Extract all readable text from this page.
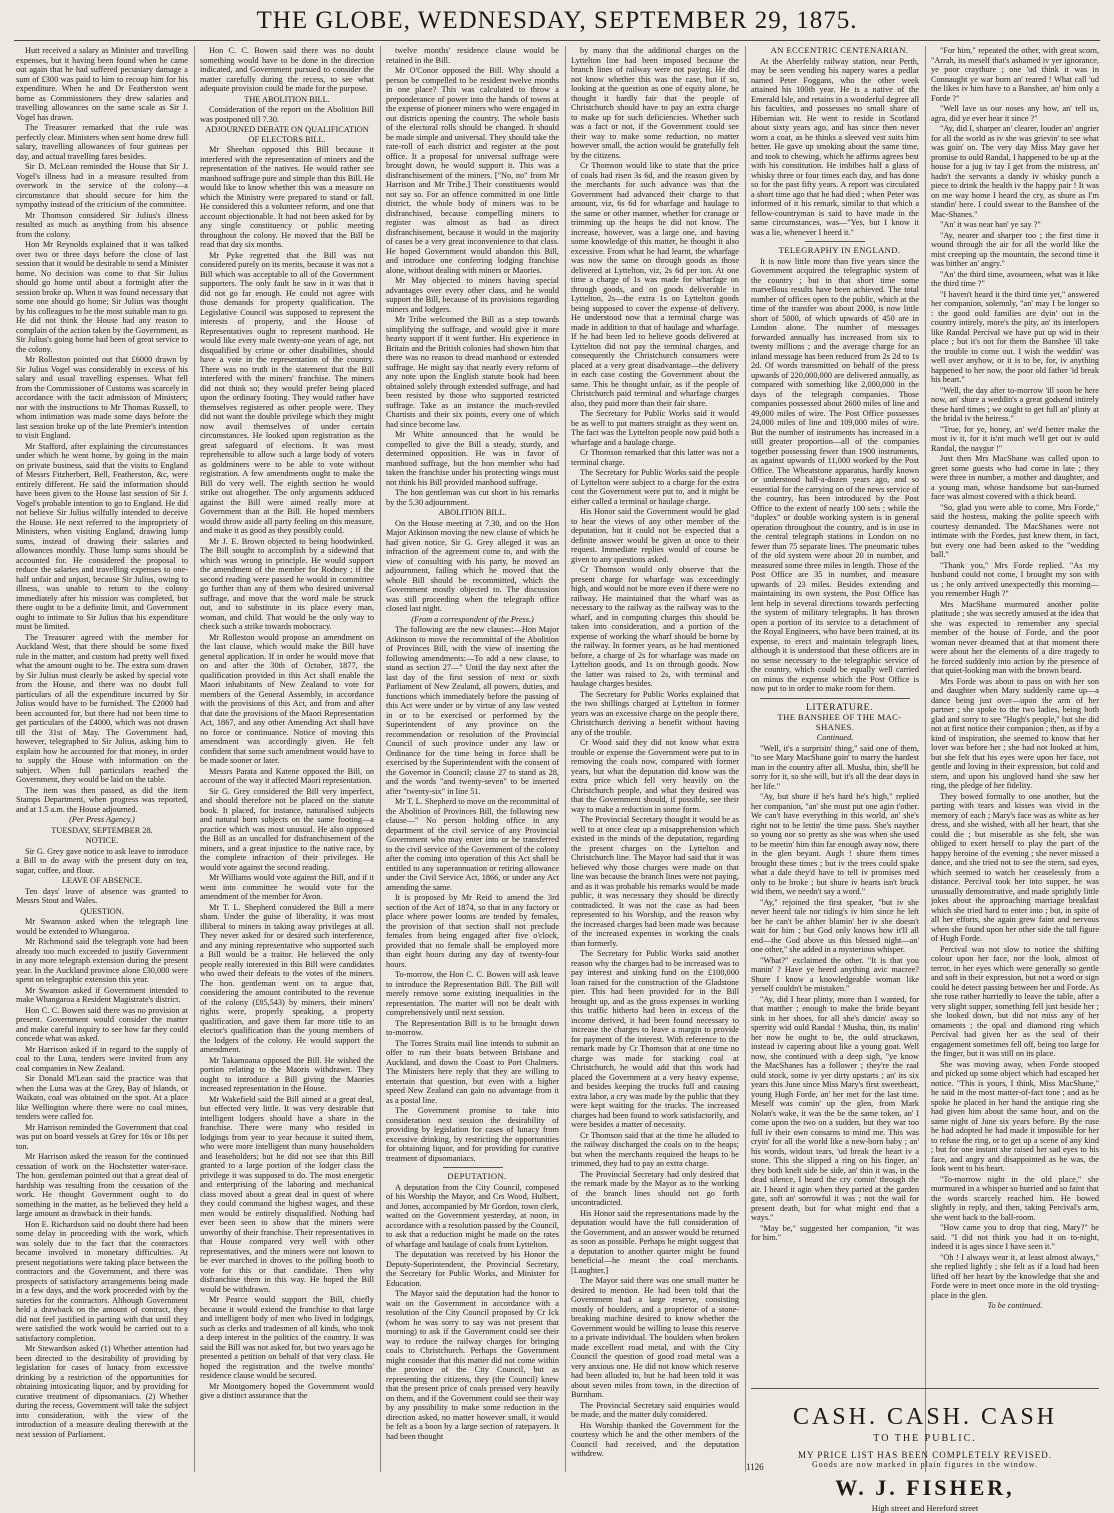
THE GLOBE, WEDNESDAY, SEPTEMBER 29, 1875.

Hutt received a salary as Minister and travelling expenses, but it having been found when he came out again that he had suffered pecuniary damage a sum of £300 was paid to him to recoup him for his expenditure. When he and Dr Featherston went home as Commissioners they drew salaries and travelling allowances on the same scale as Sir J. Vogel has drawn.

The Treasurer remarked that the rule was perfectly clear. Ministers when sent home drew full salary, travelling allowances of four guineas per day, and actual travelling fares besides.

Sir D. McLean reminded the House that Sir J. Vogel's illness had in a measure resulted from overwork in the service of the colony—a circumstance that should secure for him the sympathy instead of the criticism of the committee.

Mr Thomson considered Sir Julius's illness resulted as much as anything from his absence from the colony.

Hon Mr Reynolds explained that it was talked over two or three days before the close of last session that it would be desirable to send a Minister home. No decision was come to that Sir Julius should go home until about a fortnight after the session broke up. When it was found necessary that some one should go home; Sir Julius was thought by his colleagues to be the most suitable man to go. He did not think the House had any reason to complain of the action taken by the Government, as Sir Julius's going home had been of great service to the colony.

Mr Rolleston pointed out that £6000 drawn by Sir Julius Vogel was considerably in excess of his salary and usual travelling expenses. What fell from the Commissioner of Customs was scarcely in accordance with the tacit admission of Ministers; nor with the instructions to Mr Thomas Russell, to whom intimation was made some days before the last session broke up of the late Premier's intention to visit England.

Mr Stafford, after explaining the circumstances under which he went home, by going in the main on private business, said that the visits to England of Messrs Fitzherbert, Bell, Featherston, &c, were entirely different. He said the information should have been given to the House last session of Sir J. Vogel's probable intention to go to England. He did not believe Sir Julius wilfully intended to deceive the House. He next referred to the impropriety of Ministers, when visiting England, drawing lump sums, instead of drawing their salaries and allowances monthly. Those lump sums should be accounted for. He considered the proposal to reduce the salaries and travelling expenses to one-half unfair and unjust, because Sir Julius, owing to illness, was unable to return to the colony immediately after his mission was completed, but there ought to be a definite limit, and Government ought to intimate to Sir Julius that his expenditure must be limited.

The Treasurer agreed with the member for Auckland West, that there should be some fixed rule in the matter, and custom had pretty well fixed what the amount ought to be. The extra sum drawn by Sir Julius must clearly be asked by special vote from the House, and there was no doubt full particulars of all the expenditure incurred by Sir Julius would have to be furnished. The £2000 had been accounted for, but there had not been time to get particulars of the £4000, which was not drawn till the 31st of May. The Government had, however, telegraphed to Sir Julius, asking him to explain how he accounted for that money, in order to supply the House with information on the subject. When full particulars reached the Government, they would be laid on the table.

The item was then passed, as did the item Stamps Department, when progress was reported, and at 1.5 a.m. the House adjourned.

(Per Press Agency.)

TUESDAY, SEPTEMBER 28.

NOTICE.

Sir G. Grey gave notice to ask leave to introduce a Bill to do away with the present duty on tea, sugar, coffee, and flour.

LEAVE OF ABSENCE.

Ten days' leave of absence was granted to Messrs Stout and Wales.

QUESTION.

Mr Swanson asked when the telegraph line would be extended to Whangaroa.

Mr Richmond said the telegraph vote had been already too much exceeded to justify Government in any more telegraph extension during the present year. In the Auckland province alone £30,000 were spent on telegraphic extension this year.

Mr Swanson asked if Government intended to make Whangaroa a Resident Magistrate's district.

Hon C. C. Bowen said there was no provision at present. Government would consider the matter and make careful inquiry to see how far they could concede what was asked.

Mr Harrison asked if in regard to the supply of coal to the Luna, tenders were invited from any coal companies in New Zealand.

Sir Donald M'Lean said the practice was that when the Luna was at the Grey, Bay of Islands, or Waikato, coal was obtained on the spot. At a place like Wellington where there were no coal mines, tenders were called for.

Mr Harrison reminded the Government that coal was put on board vessels at Grey for 16s or 18s per ton.

Mr Harrison asked the reason for the continued cessation of work on the Hochstetter water-race. The hon. gentleman pointed out that a great deal of hardship was resulting from the cessation of the work. He thought Government ought to do something in the matter, as he believed they held a large amount as drawback in their hands.

Hon E. Richardson said no doubt there had been some delay in proceeding with the work, which was solely due to the fact that the contractors became involved in monetary difficulties. At present negotiations were taking place between the contractors and the Government, and there was prospects of satisfactory arrangements being made in a few days, and the work proceeded with by the sureties for the contractors. Although Government held a drawback on the amount of contract, they did not feel justified in parting with that until they were satisfied the work would be carried out to a satisfactory completion.

Mr Stewardson asked (1) Whether attention had been directed to the desirability of providing by legislation for cases of lunacy from excessive drinking by a restriction of the opportunities for obtaining intoxicating liquor, and by providing for curative treatment of dipsomaniacs. (2) Whether during the recess, Government will take the subject into consideration, with the view of the introduction of a measure dealing therewith at the next session of Parliament.

Hon C. C. Bowen said there was no doubt something would have to be done in the direction indicated, and Government pursued to consider the matter carefully during the recess, to see what adequate provision could be made for the purpose.

THE ABOLITION BILL.

Consideration of the report on the Abolition Bill was postponed till 7.30.

ADJOURNED DEBATE ON QUALIFICATION OF ELECTORS BILL.

Mr Sheehan opposed this Bill because it interfered with the representation of miners and the representation of the natives. He would rather see manhood suffrage pure and simple than this Bill. He would like to know whether this was a measure on which the Ministry were prepared to stand or fall. He considered this a volunteer reform, and one that account objectionable. It had not been asked for by any single constituency or public meeting throughout the colony. He moved that the Bill be read that day six months.

Mr Pyke regretted that the Bill was not considered purely on its merits, because it was not a Bill which was acceptable to all of the Government supporters. The only fault he saw in it was that it did not go far enough. He could not agree with those demands for property qualification. The Legislative Council was supposed to represent the interests of property, and the House of Representatives ought to represent manhood. He would like every male twenty-one years of age, not disqualified by crime or other disabilities, should have a vote in the representation of the country. There was no truth in the statement that the Bill interfered with the miners' franchise. The miners did not think so; they would prefer being placed upon the ordinary footing. They would rather have themselves registered as other people were. They did not want the double privilege which they might now avail themselves of under certain circumstances. He looked upon registration as the great safeguard of elections. It was most reprehensible to allow such a large body of voters as goldminers were to be able to vote without registration. A few amendments ought to make the Bill do very well. The eighth section he would strike out altogether. The only arguments adduced against the Bill were aimed really more at Government than at the Bill. He hoped members would throw aside all party feeling on this measure, and make it as good as they possibly could.

Mr J. E. Brown objected to being hoodwinked. The Bill sought to accomplish by a sidewind that which was wrong in principle. He would support the amendment of the member for Rodney ; if the second reading were passed he would in committee go further than any of them who desired universal suffrage, and move that the word male be struck out, and to substitute in its place every man, woman, and child. That would be the only way to check such a strike towards mobocracy.

Mr Rolleston would propose an amendment on the last clause, which would make the Bill have general application. If in order he would move that on and after the 30th of October, 1877, the qualification provided in this Act shall enable the Maori inhabitants of New Zealand to vote for members of the General Assembly, in accordance with the provisions of this Act, and from and after that date the provisions of the Maori Representation Act, 1867, and any other Amending Act shall have no force or continuance. Notice of moving this amendment was accordingly given. He felt confident that some such amendment would have to be made sooner or later.

Messrs Parata and Katene opposed the Bill, on account of the way it affected Maori representation.

Sir G. Grey considered the Bill very imperfect, and should therefore not be placed on the statute book. It placed, for instance, naturalised subjects and natural born subjects on the same footing—a practice which was most unusual. He also opposed the Bill as an uncalled for disfranchisement of the miners, and a great injustice to the native race, by the complete infraction of their privileges. He would vote against the second reading.

Mr Williams would vote against the Bill, and if it went into committee he would vote for the amendment of the member for Avon.

Mr T. L. Shepherd considered the Bill a mere sham. Under the guise of liberality, it was most illiberal to miners in taking away privileges at all. They never asked for or desired such interference, and any mining representative who supported such a Bill would be a traitor. He believed the only people really interested in this Bill were candidates who owed their defeats to the votes of the miners. The hon. gentleman went on to argue that, considering the amount contributed to the revenue of the colony (£85,543) by miners, their miners' rights were, properly speaking, a property qualification, and gave them far more title to an elector's qualification than the young members of the lodgers of the colony. He would support the amendment.

Mr Takamoana opposed the Bill. He wished the portion relating to the Maoris withdrawn. They ought to introduce a Bill giving the Maories increased representation in the House.

Mr Wakefield said the Bill aimed at a great deal, but effected very little. It was very desirable that intelligent lodgers should have a share in the franchise. There were many who resided in lodgings from year to year because it suited them, who were more intelligent than many householders and leaseholders; but he did not see that this Bill granted to a large portion of the lodger class the privilege it was supposed to do. The most energetic and enterprising of the laboring and mechanical class moved about a great deal in quest of where they could command the highest wages, and these men would be entirely disqualified. Nothing had ever been seen to show that the miners were unworthy of their franchise. Their representatives in that House compared very well with other representatives, and the miners were not known to be ever marched in droves to the polling booth to vote for this or that candidate. Then why disfranchise them in this way. He hoped the Bill would be withdrawn.

Mr Pearce would support the Bill, chiefly because it would extend the franchise to that large and intelligent body of men who lived in lodgings, such as clerks and tradesmen of all kinds, who took a deep interest in the politics of the country. It was said the Bill was not asked for, but two years ago he presented a petition on behalf of that very class. He hoped the registration and the twelve months' residence clause would be secured.

Mr Montgomery hoped the Government would give a distinct assurance that the

twelve months' residence clause would be retained in the Bill.

Mr O'Conor opposed the Bill. Why should a person be compelled to be resident twelve months in one place? This was calculated to throw a preponderance of power into the hands of towns at the expense of pioneer miners who were engaged in out districts opening the country. The whole basis of the electoral rolls should be changed. It should be made simple and universal. They should take the rate-roll of each district and register at the post office. It a proposal for universal suffrage were brought down, he would support it. This was a disfranchisement of the miners. ["No, no" from Mr Harrison and Mr Tribe.] Their constituents would not say so. For an offence committed in one little district, the whole body of miners was to be disfranchised, because compelling miners to register was almost as bad as direct disfranchisement, because it would in the majority of cases be a very great inconvenience to that class. He hoped Government would abandon this Bill, and introduce one conferring lodging franchise alone, without dealing with miners or Maories.

Mr May objected to miners having special advantages over every other class, and he would support the Bill, because of its provisions regarding miners and lodgers.

Mr Tribe welcomed the Bill as a step towards simplifying the suffrage, and would give it more hearty support if it went further. His experience in Britain and the British colonies had shown him that there was no reason to dread manhood or extended suffrage. He might say that nearly every reform of any note upon the English statute book had been obtained solely through extended suffrage, and had been resisted by those who supported restricted suffrage. Take as an instance the much-reviled Chartists and their six points, every one of which had since become law.

Mr White announced that he would be compelled to give the Bill a steady, sturdy, and determined opposition. He was in favor of manhood suffrage, but the hon member who had taken the franchise under his protecting wings must not think his Bill provided manhood suffrage.

The hon gentleman was cut short in his remarks by the 5.30 adjournment.

ABOLITION BILL.

On the House meeting at 7.30, and on the Hon Major Atkinson moving the new clause of which he had given notice, Sir G. Grey alleged it was an infraction of the agreement come to, and with the view of consulting with his party, he moved an adjournment, failing which he moved that the whole Bill should be recommitted, which the Government mostly objected to. The discussion was still proceeding when the telegraph office closed last night.

(From a correspondent of the Press.)

The following are the new clauses:—Hon Major Atkinson to move the recommittal of the Abolition of Provinces Bill, with the view of inserting the following amendments:—To add a new clause, to stand as section 27—" Until the day next after the last day of the first session of next or sixth Parliament of New Zealand, all powers, duties, and functions which immediately before the passing of this Act were under or by virtue of any law vested in or to be exercised or performed by the Superintendent of any province on the recommendation or resolution of the Provincial Council of such province under any law or Ordinance for the time being in force shall be exercised by the Superintendent with the consent of the Governor in Council; clause 27 to stand as 28, and the words "and twenty-seven" to be inserted after "twenty-six" in line 51.

Mr T. L. Shepherd to move on the recommittal of the Abolition of Provinces Bill, the following new clause—" No person holding office in any department of the civil service of any Provincial Government who may enter into or be transferred to the civil service of the Government of the colony after the coming into operation of this Act shall be entitled to any superannuation or retiring allowance under the Civil Service Act, 1866, or under any Act amending the same.

It is proposed by Mr Reid to amend the 3rd section of the Act of 1874, so that in any factory or place where power looms are tended by females, the provision of that section shall not preclude females from being engaged after five o'clock, provided that no female shall be employed more than eight hours during any day of twenty-four hours.

To-morrow, the Hon C. C. Bowen will ask leave to introduce the Representation Bill. The Bill will merely remove some existing inequalities in the representation. The matter will not be dealt with comprehensively until next session.

The Representation Bill is to be brought down to-morrow.

The Torres Straits mail line intends to submit an offer to run their boats between Brisbane and Auckland, and down the Coast to Port Chalmers. The Ministers here reply that they are willing to entertain that question, but even with a higher speed New Zealand can gain no advantage from it as a postal line.

The Government promise to take into consideration next session the desirability of providing by legislation for cases of lunacy from excessive drinking, by restricting the opportunities for obtaining liquor, and for providing for curative treatment of dipsomaniacs.

DEPUTATION.

A deputation from the City Council, composed of his Worship the Mayor, and Crs Wood, Hulbert, and Jones, accompanied by Mr Gordon, town clerk, waited on the Government yesterday, at noon, in accordance with a resolution passed by the Council, to ask that a reduction might be made on the rates of wharfage and haulage of coals from Lyttelton.

The deputation was received by his Honor the Deputy-Superintendent, the Provincial Secretary, the Secretary for Public Works, and Minister for Education.

The Mayor said the deputation had the honor to wait on the Government in accordance with a resolution of the City Council proposed by Cr Ick (whom he was sorry to say was not present that morning) to ask if the Government could see their way to reduce the railway charges for bringing coals to Christchurch. Perhaps the Government might consider that this matter did not come within the province of the City Council, but as representing the citizens, they (the Council) knew that the present price of coals pressed very heavily on them, and if the Government could see their way by any possibility to make some reduction in the direction asked, no matter however small, it would be felt as a boon by a large section of ratepayers. It had been thought

by many that the additional charges on the Lyttelton line had been imposed because the branch lines of railway were not paying. He did not know whether this was the case, but if so, looking at the question as one of equity alone, he thought it hardly fair that the people of Christchurch should have to pay an extra charge to make up for such deficiencies. Whether such was a fact or not, if the Government could see their way to make some reduction, no matter however small, the action would be gratefully felt by the citizens.

Cr Thomson would like to state that the price of coals had risen 3s 6d, and the reason given by the merchants for such advance was that the Government had advanced their charge to that amount, viz, 6s 6d for wharfage and haulage to the same or other manner, whether for cranage or trimming up the heaps he did not know. The increase, however, was a large one, and having some knowledge of this matter, he thought it also excessive. From what he had learnt, the wharfage was now the same on through goods as those delivered at Lyttelton, viz, 2s 6d per ton. At one time a charge of 1s was made for wharfage on through goods, and on goods deliverable in Lyttelton, 2s—the extra 1s on Lyttelton goods being supposed to cover the expense of delivery. He understood now that a terminal charge was made in addition to that of haulage and wharfage. If he had been led to believe goods delivered at Lyttelton did not pay the terminal charges, and consequently the Christchurch consumers were placed at a very great disadvantage—the delivery in each case costing the Government about the same. This he thought unfair, as if the people of Christchurch paid terminal and wharfage charges also, they paid more than their fair share.

The Secretary for Public Works said it would be as well to put matters straight as they went on. The fact was the Lyttelton people now paid both a wharfage and a haulage charge.

Cr Thomson remarked that this latter was not a terminal charge.

The Secretary for Public Works said the people of Lyttelton were subject to a charge for the extra cost the Government were put to, and it might be either called a terminal or haulage charge.

His Honor said the Government would be glad to hear the views of any other member of the deputation, but it could not be expected that a definite answer would be given at once to their request. Immediate replies would of course be given to any questions asked.

Cr Thomson would only observe that the present charge for wharfage was exceedingly high, and would not be more even if there were no railway. He maintained that the wharf was as necessary to the railway as the railway was to the wharf, and in computing charges this should be taken into consideration, and a portion of the expense of working the wharf should be borne by the railway. In former years, as he had mentioned before, a charge of 2s for wharfage was made on Lyttelton goods, and 1s on through goods. Now the latter was raised to 2s, with terminal and haulage charges besides.

The Secretary for Public Works explained that the two shillings charged at Lyttelton in former years was an excessive charge on the people there, Christchurch deriving a benefit without having any of the trouble.

Cr Wood said they did not know what extra trouble or expense the Government were put to in removing the coals now, compared with former years, but what the deputation did know was the extra price which fell very heavily on the Christchurch people, and what they desired was that the Government should, if possible, see their way to make a reduction in some form.

The Provincial Secretary thought it would be as well to at once clear up a misapprehension which existed in the minds of the deputation, regarding the present charges on the Lyttelton and Christchurch line. The Mayor had said that it was believed why those charges were made on that line was because the branch lines were not paying, and as it was probable his remarks would be made public, it was necessary they should be directly contradicted. It was not the case as had been represented to his Worship, and the reason why the increased charges had been made was because of the increased expenses in working the coals than formerly.

The Secretary for Public Works said another reason why the charges had to be increased was to pay interest and sinking fund on the £100,000 loan raised for the construction of the Gladstone pier. This had been provided for in the Bill brought up, and as the gross expenses in working this traffic hitherto had been in excess of the income derived, it had been found necessary to increase the charges to leave a margin to provide for payment of the interest. With reference to the remark made by Cr Thomson that at one time no charge was made for stacking coal at Christchurch, he would add that this work had placed the Government at a very heavy expense, and besides keeping the trucks full and causing extra labor, a cry was made by the public that they were kept waiting for the trucks. The increased charges had been found to work satisfactorily, and were besides a matter of necessity.

Cr Thomson said that at the time he alluded to the railway discharged the coals on to the heaps; but when the merchants required the heaps to be trimmed, they had to pay an extra charge.

The Provincial Secretary had only desired that the remark made by the Mayor as to the working of the branch lines should not go forth uncontradicted.

His Honor said the representations made by the deputation would have the full consideration of the Government, and an answer would be returned as soon as possible. Perhaps he might suggest that a deputation to another quarter might be found beneficial—he meant the coal merchants. [Laughter.]

The Mayor said there was one small matter he desired to mention. He had been told that the Government had a large reserve, consisting mostly of boulders, and a proprietor of a stone-breaking machine desired to know whether the Government would be willing to lease this reserve to a private individual. The boulders when broken made excellent road metal, and with the City Council the question of good road metal was a very anxious one. He did not know which reserve had been alluded to, but he had been told it was about seven miles from town, in the direction of Burnham.

The Provincial Secretary said enquiries would be made, and the matter duly considered.

His Worship thanked the Government for the courtesy which he and the other members of the Council had received, and the deputation withdrew.

AN ECCENTRIC CENTENARIAN.

At the Aberfeldy railway station, near Perth, may be seen vending his napery wares a pedlar named Peter Foggans, who the other week attained his 100th year. He is a native of the Emerald Isle, and retains in a wonderful degree all his faculties, and possesses no small share of Hibernian wit. He went to reside in Scotland about sixty years ago, and has since then never worn a coat, as he thinks a sleeved vest suits him better. He gave up smoking about the same time, and took to chewing, which he affirms agrees best with his constitution. He imbibes half a glass of whisky three or four times each day, and has done so for the past fifty years. A report was circulated a short time ago that he had died ; when Peter was informed of it his remark, similar to that which a fellow-countryman is said to have made in the same circumstances, was—"Yes, but I know it was a lie, whenever I heerd it."

TELEGRAPHY IN ENGLAND.

It is now little more than five years since the Government acquired the telegraphic system of the country ; but in that short time some marvellous results have been achieved. The total number of offices open to the public, which at the time of the transfer was about 2000, is now little short of 5000, of which upwards of 450 are in London alone. The number of messages forwarded annually has increased from six to twenty millions ; and the average charge for an inland message has been reduced from 2s 2d to 1s 2d. Of words transmitted on behalf of the press upwards of 220,000,000 are delivered annually, as compared with something like 2,000,000 in the days of the telegraph companies. Those companies possessed about 2600 miles of line and 49,000 miles of wire. The Post Office possesses 24,000 miles of line and 109,000 miles of wire. But the number of instruments has increased in a still greater proportion—all of the companies together possessing fewer than 1900 instruments, as against upwards of 11,000 worked by the Post Office. The Wheatstone apparatus, hardly known or understood half-a-dozen years ago, and so essential for the carrying on of the news service of the country, has been introduced by the Post Office to the extent of nearly 100 sets ; while the "duplex" or double working system is in general operation throughout the country, and is in use in the central telegraph stations in London on no fewer than 75 separate lines. The pneumatic tubes of the old system were about 20 in number, and measured some three miles in length. Those of the Post Office are 35 in number, and measure upwards of 23 miles. Besides extending and maintaining its own system, the Post Office has lent help in several directions towards perfecting the system of military telegraphs. It has thrown open a portion of its service to a detachment of the Royal Engineers, who have been trained, at its expense, to erect and maintain telegraph lines, although it is understood that these officers are in no sense necessary to the telegraphic service of the country, which could be equally well carried on minus the expense which the Post Office is now put to in order to make room for them.

LITERATURE.

THE BANSHEE OF THE MAC-SHANES.

Continued.

"Well, it's a surprisin' thing," said one of them, "to see Mary MacShane goin' to marry the hardest man in the country after all. Musha, thin, she'll be sorry for it, so she will, but it's all the dear days in her life."

"Ay, but shure if he's hard he's high," replied her companion, "an' she must put one agin t'other. We can't have everything in this world, an' she's right not to be lettin' the time pass. She's nayther so young nor so pretty as she was when she used to be meetin' him thin far enough away now, there in the glen beyant. Augh ! shure them times brought these times ; but iv the trees could spake what a dale they'd have to tell iv promises med only to be broke ; but shure iv hearts isn't bruck wid them, we needn't say a word."

"Ay," rejoined the first speaker, "but iv she never heerd tale nor tiding's iv him since he left her he can't be afther blamin' her iv she doesn't wait for him ; but God only knows how it'll all end—the God above us this blessed night—an' one other," she added in a mysterious whisper.

"What?" exclaimed the other. "It is that you manin' ? Have ye heerd anything avic macree? Shure I know a knowledgeable woman like yerself couldn't be mistaken."

"Ay, did I hear plinty, more than I wanted, for that matther ; enough to make the bride beyant sink in her shoes, for all she's dancin' away so sperrity wid ould Randal ! Musha, thin, its malin' her now he ought to be, the ould struckawn, instead iv capering about like a young goat. Well now, she continued with a deep sigh, "ye know the MacShanes has a follower ; they're the raal ould stock, some iv yer dirty upstarts ; an' its six years this June since Miss Mary's first sweetheart, young Hugh Forde, an' her met for the last time. Meself was comin' up the glen, from Mark Nolan's wake, it was the be the same token, an' I come upon the two on a sudden, but they war too full iv their own consarns to mind me. This was cryin' for all the world like a new-born baby ; an' his words, widout tears, 'ud break the heart iv a stone. This she slipped a ring on his finger, an' they both knelt side be side, an' thin it was, in the dead silence, I heard the cry comin' through the air. I heard it agin when they parted at the garden gate, soft an' sorrowful it was ; not the wail for present death, but for what might end that a ways."

"May be," suggested her companion, "it was for him."

"For him," repeated the other, with great scorn, "Arrah, its meself that's ashamed iv yer ignorance, ye poor craythure ; one 'ud think it was in Connaught ye war born an' reared ! What call 'ud the likes iv him have to a Banshee, an' him only a Forde ?"

"Well lave us our noses any how, an' tell us, agra, did ye ever hear it since ?"

"Ay, did I, sharper an' clearer, louder an' angrier for all the world as iv she was grievin' to see what was goin' on. The very day Miss May gave her promise to ould Randal, I happened to be up at the house for a jug iv tay I get from the mistress, an' hadn't the servants a dandy iv whisky punch a piece to drink the health iv the happy pair ! It was on me way home I heard the cry, as shure as I'm standin' here. I could swear to the Banshee of the Mac-Shanes."

"An' it was near han' ye say ?"

"Ay, nearer and sharper too ; the first time it wound through the air for all the world like the mist creeping up the mountain, the second time it was bitther an' angry."

"An' the third time, avourneen, what was it like the third time ?"

"I haven't heard it the third time yet," answered her companion, solemnly, "an' may I be longer so : the good ould families are dyin' out in the country intirely, more's the pity, an' its interlopers like Randal Percival we have put up wid in their place ; but it's not for them the Banshee 'ill take the trouble to come out. I wish the weddin' was well over anyhow, or it is to be, for, iv anything happened to her now, the poor old father 'id break his heart."

"Well, the day after to-morrow 'ill soon be here now, an' shure a weddin's a great godsend intirely these hard times ; we ought to get full an' plinty at the bridal iv the heiress."

"True, for ye, honey, an' we'd better make the most iv it, for it is'nt much we'll get out iv ould Randal, the naygur !"

Just then Mrs MacShane was called upon to greet some guests who had come in late ; they were three in number, a mother and daughter, and a young man, whose handsome but sun-burned face was almost covered with a thick beard.

"So, glad you were able to come, Mrs Forde," said the hostess, making the polite speech with courtesy demanded. The MacShanes were not intimate with the Fordes, just knew them, in fact, but every one had been asked to the "wedding ball."

"Thank you," Mrs Forde replied. "As my husband could not come, I brought my son with us ; he only arrived unexpectedly this morning—you remember Hugh ?"

Mrs MacShane murmured another polite platitude ; she was secretly amused at the idea that she was expected to remember any special member of the house of Forde, and the poor woman never dreamed that at that moment there were about her the elements of a dire tragedy to be forced suddenly into action by the presence of that quiet-looking man with the brown beard.

Mrs Forde was about to pass on with her son and daughter when Mary suddenly came up—a dance being just over—upon the arm of her partner ; she spoke to the two ladies, being both glad and sorry to see "Hugh's people," but she did not at first notice their companion ; then, as if by a kind of inspiration, she seemed to know that her lover was before her ; she had not looked at him, but she felt that his eyes were upon her face, not gentle and loving in their expression, but cold and stern, and upon his ungloved hand she saw her ring, the pledge of her fidelity.

They bowed formally to one another, but the parting with tears and kisses was vivid in the memory of each ; Mary's face was as white as her dress, and she wished, with all her heart, that she could die ; but miserable as she felt, she was obliged to exert herself to play the part of the happy heroine of the evening ; she never missed a dance, and she tried not to see the stern, sad eyes, which seemed to watch her ceaselessly from a distance. Percival took her into supper, he was unusually demonstrative, and made sprightly little jokes about the approaching marriage breakfast which she tried hard to enter into ; but, in spite of all her efforts, she again grew faint and nervous when she found upon her other side the tall figure of Hugh Forde.

Percival was not slow to notice the shifting colour upon her face, nor the look, almost of terror, in her eyes which were generally so gentle and soft in their expression, but not a word or sign could he detect passing between her and Forde. As she rose rather hurriedly to leave the table, after a very slight supper, something fell just beside her ; she looked down, but did not miss any of her ornaments ; the opal and diamond ring which Percival had given her as the seal of their engagement sometimes fell off, being too large for the finger, but it was still on its place.

She was moving away, when Forde stooped and picked up some object which had escaped her notice. "This is yours, I think, Miss MacShane," he said in the most matter-of-fact tone ; and as he spoke he placed in her hand the antique ring she had given him about the same hour, and on the same night of June six years before. By the ruse he had adopted he had made it impossible for her to refuse the ring, or to get up a scene of any kind ; but for one instant she raised her sad eyes to his face, and angry and disappointed as he was, the look went to his heart.

"To-morrow night in the old place," she murmured in a whisper so hurried and so faint that the words scarcely reached him. He bowed slightly in reply, and then, taking Percival's arm, she went back to the ball-room.

"How came you to drop that ring, Mary?" he said. "I did not think you had it on to-night, indeed it is ages since I have seen it."

"Oh ! I always wear it, at least almost always," she replied lightly ; she felt as if a load had been lifted off her heart by the knowledge that she and Forde were to meet once more in the old trysting-place in the glen.

To be continued.

CASH. CASH. CASH
TO THE PUBLIC.
MY PRICE LIST HAS BEEN COMPLETELY REVISED.
Goods are now marked in plain figures in the window.
W. J. FISHER,
High street and Hereford street
1126
